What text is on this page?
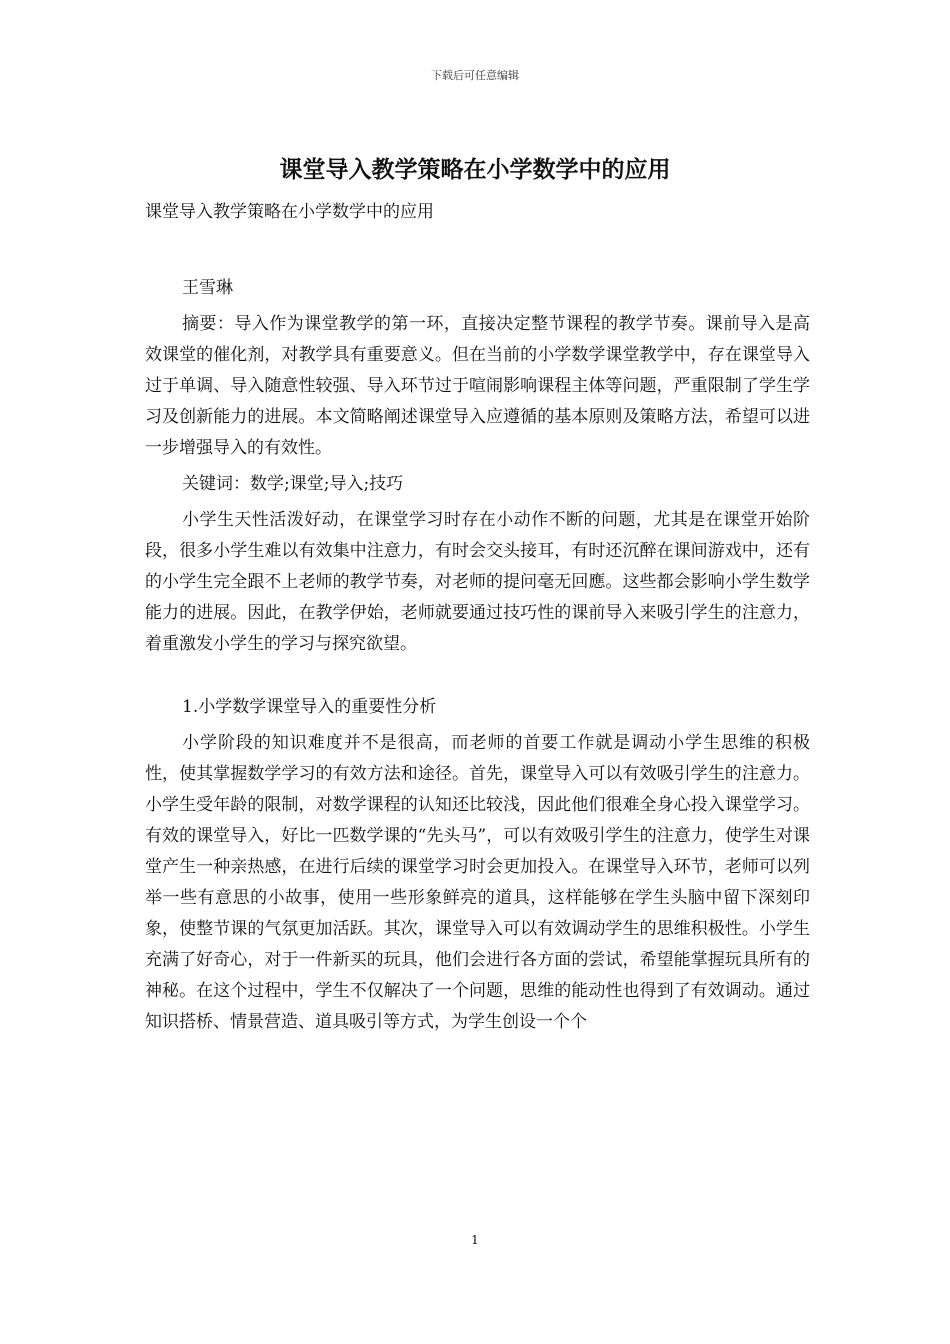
下载后可任意编辑
课堂导入教学策略在小学数学中的应用

课堂导入教学策略在小学数学中的应用

王雪琳

摘要：导入作为课堂教学的第一环，直接决定整节课程的教学节奏。课前导入是高效课堂的催化剂，对教学具有重要意义。但在当前的小学数学课堂教学中，存在课堂导入过于单调、导入随意性较强、导入环节过于喧闹影响课程主体等问题，严重限制了学生学习及创新能力的进展。本文简略阐述课堂导入应遵循的基本原则及策略方法，希望可以进一步增强导入的有效性。

关键词：数学;课堂;导入;技巧

小学生天性活泼好动，在课堂学习时存在小动作不断的问题，尤其是在课堂开始阶段，很多小学生难以有效集中注意力，有时会交头接耳，有时还沉醉在课间游戏中，还有的小学生完全跟不上老师的教学节奏，对老师的提问毫无回應。这些都会影响小学生数学能力的进展。因此，在教学伊始，老师就要通过技巧性的课前导入来吸引学生的注意力，着重激发小学生的学习与探究欲望。

1.小学数学课堂导入的重要性分析

小学阶段的知识难度并不是很高，而老师的首要工作就是调动小学生思维的积极性，使其掌握数学学习的有效方法和途径。首先，课堂导入可以有效吸引学生的注意力。小学生受年龄的限制，对数学课程的认知还比较浅，因此他们很难全身心投入课堂学习。有效的课堂导入，好比一匹数学课的“先头马”，可以有效吸引学生的注意力，使学生对课堂产生一种亲热感，在进行后续的课堂学习时会更加投入。在课堂导入环节，老师可以列举一些有意思的小故事，使用一些形象鲜亮的道具，这样能够在学生头脑中留下深刻印象，使整节课的气氛更加活跃。其次，课堂导入可以有效调动学生的思维积极性。小学生充满了好奇心，对于一件新买的玩具，他们会进行各方面的尝试，希望能掌握玩具所有的神秘。在这个过程中，学生不仅解决了一个问题，思维的能动性也得到了有效调动。通过知识搭桥、情景营造、道具吸引等方式，为学生创设一个个

1
